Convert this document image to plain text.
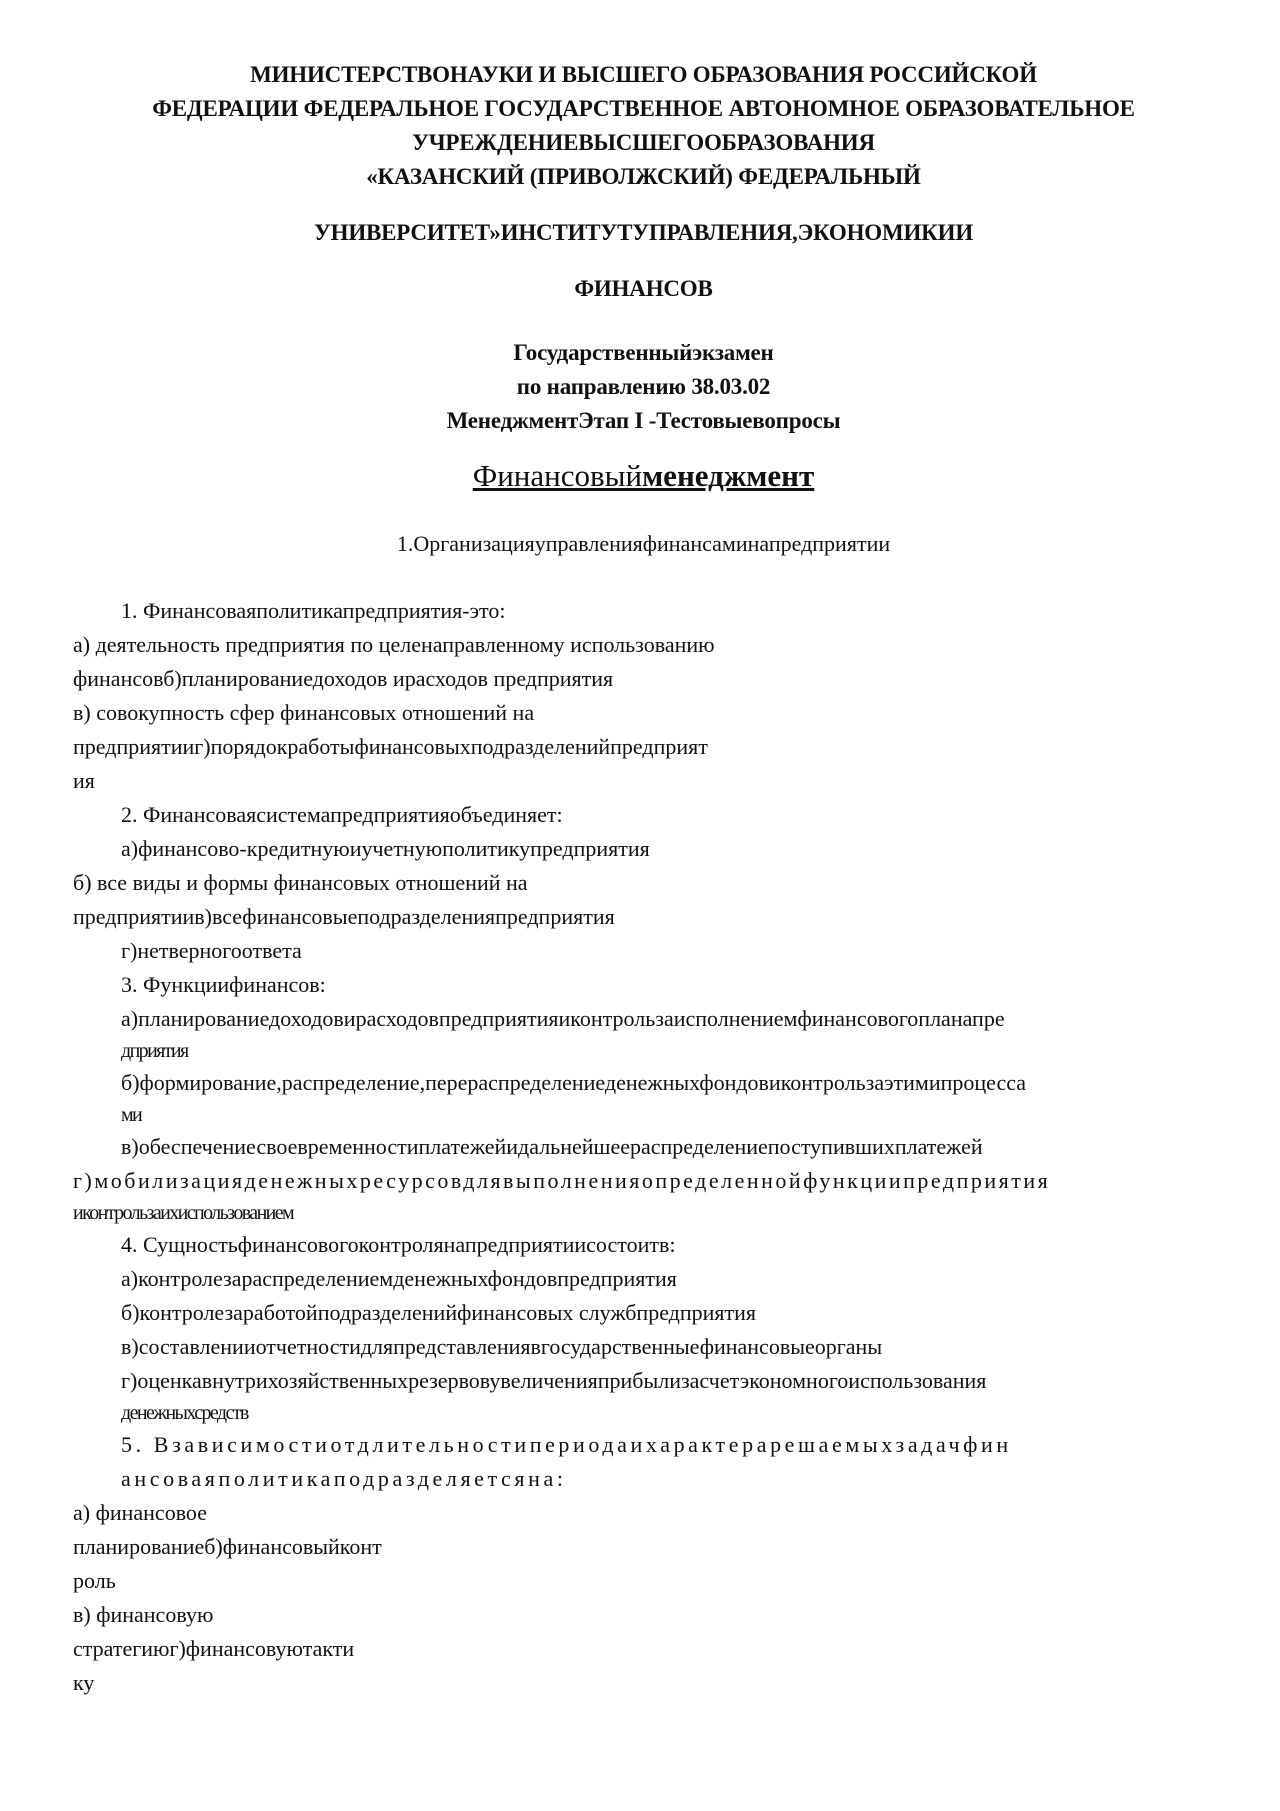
МИНИСТЕРСТВОНАУКИ И ВЫСШЕГО ОБРАЗОВАНИЯ РОССИЙСКОЙ
ФЕДЕРАЦИИ ФЕДЕРАЛЬНОЕ ГОСУДАРСТВЕННОЕ АВТОНОМНОЕ ОБРАЗОВАТЕЛЬНОЕ
УЧРЕЖДЕНИЕВЫСШЕГООБРАЗОВАНИЯ
«КАЗАНСКИЙ (ПРИВОЛЖСКИЙ) ФЕДЕРАЛЬНЫЙ
УНИВЕРСИТЕТ»ИНСТИТУТУПРАВЛЕНИЯ,ЭКОНОМИКИИ
ФИНАНСОВ
Государственныйэкзамен
по направлению 38.03.02
МенеджментЭтап I -Тестовыевопросы
Финансовыйменеджмент
1.Организацияуправленияфинансаминапредприятии
1. Финансоваяполитикапредприятия-это:
а) деятельность предприятия по целенаправленному использованию
финансовб)планированиедоходов ирасходов предприятия
в) совокупность сфер финансовых отношений на
предприятииг)порядокработыфинансовыхподразделенийпредприят
ия
2. Финансоваясистемапредприятияобъединяет:
а)финансово-кредитнуюиучетнуюполитикупредприятия
б) все виды и формы финансовых отношений на
предприятиив)всефинансовыеподразделенияпредприятия
г)нетверногоответа
3. Функциифинансов:
а)планированиедоходовирасходовпредприятияиконтрользаисполнениемфинансовогопланапре
дприятия
б)формирование,распределение,перераспределениеденежныхфондовиконтрользаэтимипроцесса
ми
в)обеспечениесвоевременностиплатежейидальнейшеераспределениепоступившихплатежей
г)мобилизацияденежныхресурсовдлявыполненияопределеннойфункциипредприятия
иконтрользаихиспользованием
4. Сущностьфинансовогоконтролянапредприятиисостоитв:
а)контролезараспределениемденежныхфондовпредприятия
б)контролезаработойподразделенийфинансовых службпредприятия
в)составленииотчетностидляпредставлениявгосударственныефинансовыеорганы
г)оценкавнутрихозяйственныхрезервовувеличенияприбылизасчетэкономногоиспользования
денежныхсредств
5. Взависимостиотдлительностипериодаихарактерарешаемыхзадачфин
ансоваяполитикаподразделяетсяна:
а) финансовое
планированиеб)финансовыйконт
роль
в) финансовую
стратегиюг)финансовуютакти
ку
